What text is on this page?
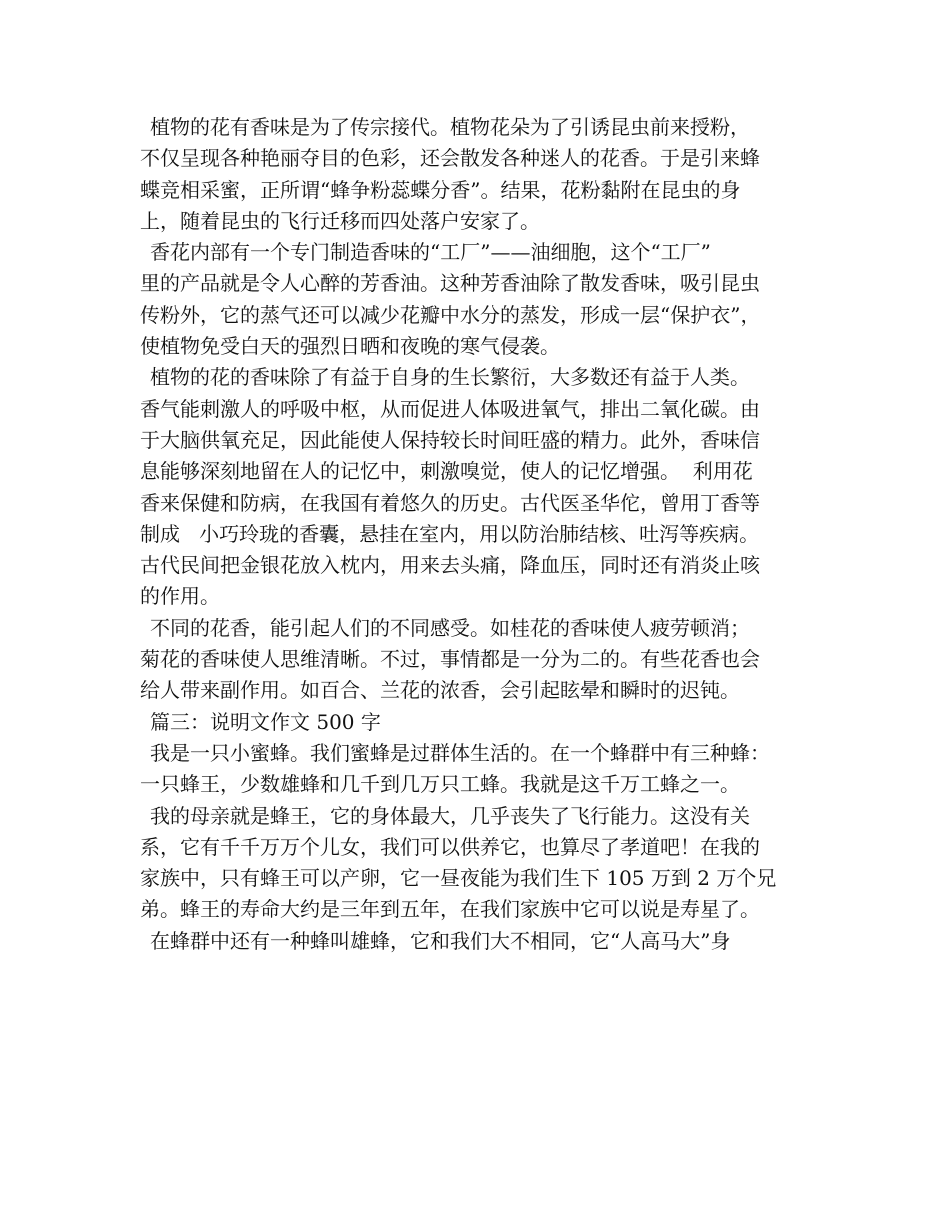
植物的花有香味是为了传宗接代。植物花朵为了引诱昆虫前来授粉，
不仅呈现各种艳丽夺目的色彩，还会散发各种迷人的花香。于是引来蜂
蝶竞相采蜜，正所谓“蜂争粉蕊蝶分香”。结果，花粉黏附在昆虫的身
上，随着昆虫的飞行迁移而四处落户安家了。
香花内部有一个专门制造香味的“工厂”——油细胞，这个“工厂”
里的产品就是令人心醉的芳香油。这种芳香油除了散发香味，吸引昆虫
传粉外，它的蒸气还可以减少花瓣中水分的蒸发，形成一层“保护衣”，
使植物免受白天的强烈日晒和夜晚的寒气侵袭。
植物的花的香味除了有益于自身的生长繁衍，大多数还有益于人类。
香气能刺激人的呼吸中枢，从而促进人体吸进氧气，排出二氧化碳。由
于大脑供氧充足，因此能使人保持较长时间旺盛的精力。此外，香味信
息能够深刻地留在人的记忆中，刺激嗅觉，使人的记忆增强。  利用花
香来保健和防病，在我国有着悠久的历史。古代医圣华佗，曾用丁香等
制成   小巧玲珑的香囊，悬挂在室内，用以防治肺结核、吐泻等疾病。
古代民间把金银花放入枕内，用来去头痛，降血压，同时还有消炎止咳
的作用。
不同的花香，能引起人们的不同感受。如桂花的香味使人疲劳顿消；
菊花的香味使人思维清晰。不过，事情都是一分为二的。有些花香也会
给人带来副作用。如百合、兰花的浓香，会引起眩晕和瞬时的迟钝。
篇三：说明文作文 500 字
我是一只小蜜蜂。我们蜜蜂是过群体生活的。在一个蜂群中有三种蜂：
一只蜂王，少数雄蜂和几千到几万只工蜂。我就是这千万工蜂之一。
我的母亲就是蜂王，它的身体最大，几乎丧失了飞行能力。这没有关
系，它有千千万万个儿女，我们可以供养它，也算尽了孝道吧！在我的
家族中，只有蜂王可以产卵，它一昼夜能为我们生下 105 万到 2 万个兄
弟。蜂王的寿命大约是三年到五年，在我们家族中它可以说是寿星了。
在蜂群中还有一种蜂叫雄蜂，它和我们大不相同，它“人高马大”身
